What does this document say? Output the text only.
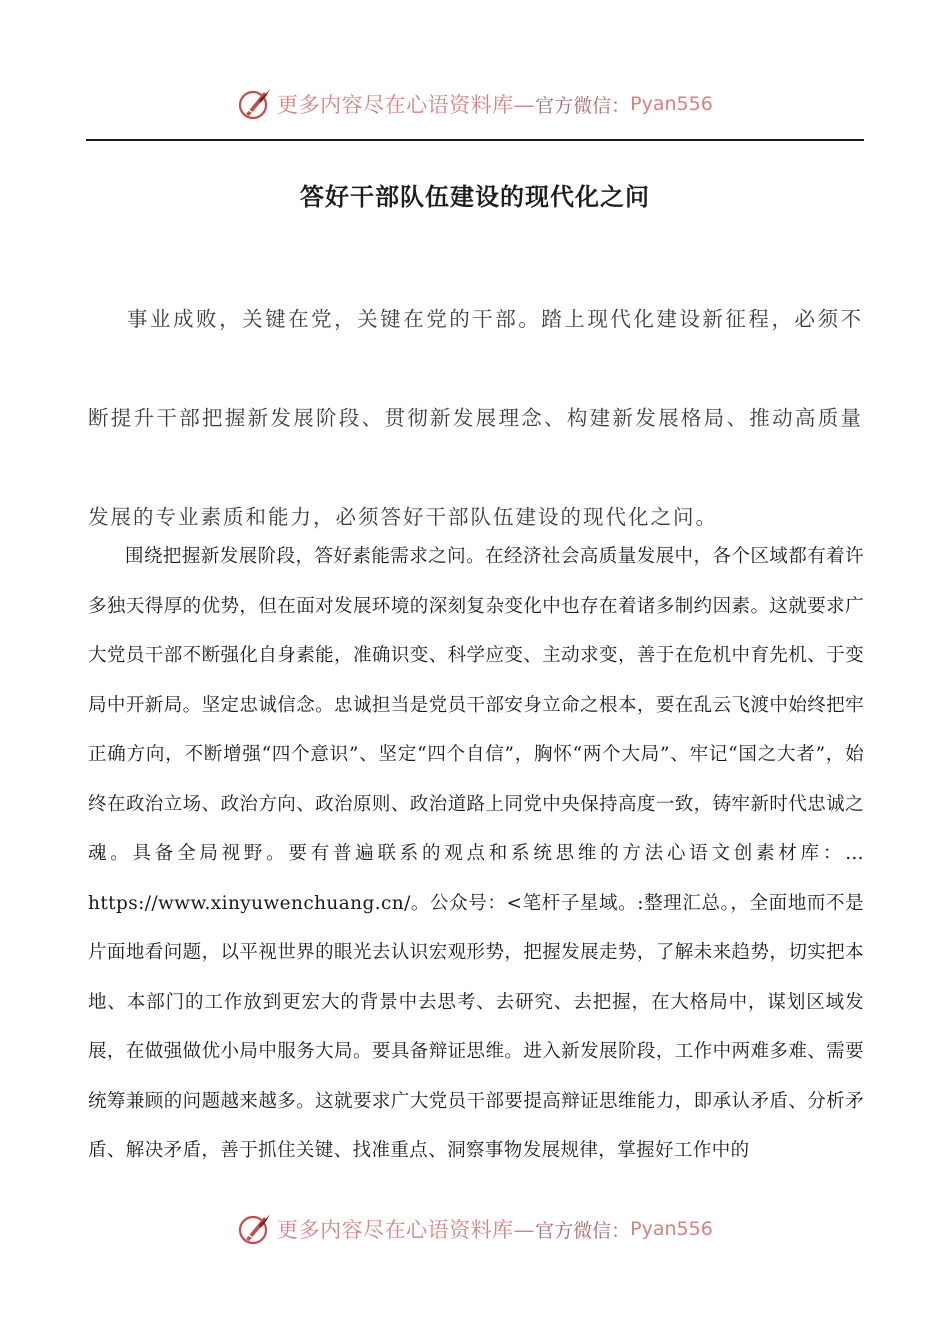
更多内容尽在心语资料库— 官方微信： Pyan556
答好干部队伍建设的现代化之问
事业成败，关键在党，关键在党的干部。踏上现代化建设新征程，必须不断提升干部把握新发展阶段、贯彻新发展理念、构建新发展格局、推动高质量发展的专业素质和能力，必须答好干部队伍建设的现代化之问。
围绕把握新发展阶段，答好素能需求之问。在经济社会高质量发展中，各个区域都有着许多独天得厚的优势，但在面对发展环境的深刻复杂变化中也存在着诸多制约因素。这就要求广大党员干部不断强化自身素能，准确识变、科学应变、主动求变，善于在危机中育先机、于变局中开新局。坚定忠诚信念。忠诚担当是党员干部安身立命之根本，要在乱云飞渡中始终把牢正确方向，不断增强“四个意识”、坚定“四个自信”，胸怀“两个大局”、牢记“国之大者”，始终在政治立场、政治方向、政治原则、政治道路上同党中央保持高度一致，铸牢新时代忠诚之魂。具备全局视野。要有普遍联系的观点和系统思维的方法心语文创素材库：…https://www.xinyuwenchuang.cn/。公众号：<笔杆子星域。:整理汇总。，全面地而不是片面地看问题，以平视世界的眼光去认识宏观形势，把握发展走势，了解未来趋势，切实把本地、本部门的工作放到更宏大的背景中去思考、去研究、去把握，在大格局中，谋划区域发展，在做强做优小局中服务大局。要具备辩证思维。进入新发展阶段，工作中两难多难、需要统筹兼顾的问题越来越多。这就要求广大党员干部要提高辩证思维能力，即承认矛盾、分析矛盾、解决矛盾，善于抓住关键、找准重点、洞察事物发展规律，掌握好工作中的
更多内容尽在心语资料库— 官方微信： Pyan556
